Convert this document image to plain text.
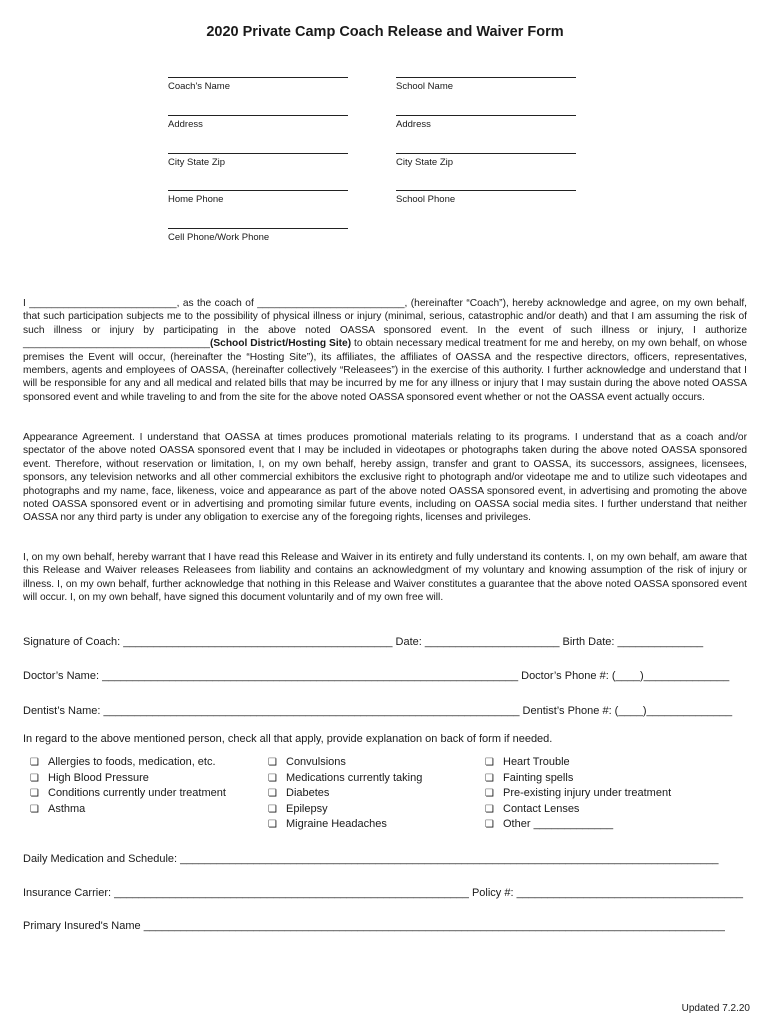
2020 Private Camp Coach Release and Waiver Form
Coach's Name	School Name
Address	Address
City State Zip	City State Zip
Home Phone	School Phone
Cell Phone/Work Phone
I __________________________, as the coach of __________________________, (hereinafter “Coach”), hereby acknowledge and agree, on my own behalf, that such participation subjects me to the possibility of physical illness or injury (minimal, serious, catastrophic and/or death) and that I am assuming the risk of such illness or injury by participating in the above noted OASSA sponsored event. In the event of such illness or injury, I authorize _________________________________(School District/Hosting Site) to obtain necessary medical treatment for me and hereby, on my own behalf, on whose premises the Event will occur, (hereinafter the “Hosting Site”), its affiliates, the affiliates of OASSA and the respective directors, officers, representatives, members, agents and employees of OASSA, (hereinafter collectively “Releasees”) in the exercise of this authority. I further acknowledge and understand that I will be responsible for any and all medical and related bills that may be incurred by me for any illness or injury that I may sustain during the above noted OASSA sponsored event and while traveling to and from the site for the above noted OASSA sponsored event whether or not the OASSA event actually occurs.
Appearance Agreement. I understand that OASSA at times produces promotional materials relating to its programs. I understand that as a coach and/or spectator of the above noted OASSA sponsored event that I may be included in videotapes or photographs taken during the above noted OASSA sponsored event. Therefore, without reservation or limitation, I, on my own behalf, hereby assign, transfer and grant to OASSA, its successors, assignees, licensees, sponsors, any television networks and all other commercial exhibitors the exclusive right to photograph and/or videotape me and to utilize such videotapes and photographs and my name, face, likeness, voice and appearance as part of the above noted OASSA sponsored event, in advertising and promoting the above noted OASSA sponsored event or in advertising and promoting similar future events, including on OASSA social media sites. I further understand that neither OASSA nor any third party is under any obligation to exercise any of the foregoing rights, licenses and privileges.
I, on my own behalf, hereby warrant that I have read this Release and Waiver in its entirety and fully understand its contents. I, on my own behalf, am aware that this Release and Waiver releases Releasees from liability and contains an acknowledgment of my voluntary and knowing assumption of the risk of injury or illness. I, on my own behalf, further acknowledge that nothing in this Release and Waiver constitutes a guarantee that the above noted OASSA sponsored event will occur. I, on my own behalf, have signed this document voluntarily and of my own free will.
Signature of Coach: ____________________________________________ Date: ______________________ Birth Date: ______________
Doctor’s Name: ____________________________________________________________________ Doctor’s Phone #: (____)______________
Dentist’s Name: ____________________________________________________________________ Dentist’s Phone #: (____)______________
In regard to the above mentioned person, check all that apply, provide explanation on back of form if needed.
❏ Allergies to foods, medication, etc.
❏ High Blood Pressure
❏ Conditions currently under treatment
❏ Asthma
❏ Convulsions
❏ Medications currently taking
❏ Diabetes
❏ Epilepsy
❏ Migraine Headaches
❏ Heart Trouble
❏ Fainting spells
❏ Pre-existing injury under treatment
❏ Contact Lenses
❏ Other _____________
Daily Medication and Schedule: ________________________________________________________________________________________
Insurance Carrier: __________________________________________________________ Policy #: _____________________________________
Primary Insured's Name _______________________________________________________________________________________________
Updated 7.2.20
